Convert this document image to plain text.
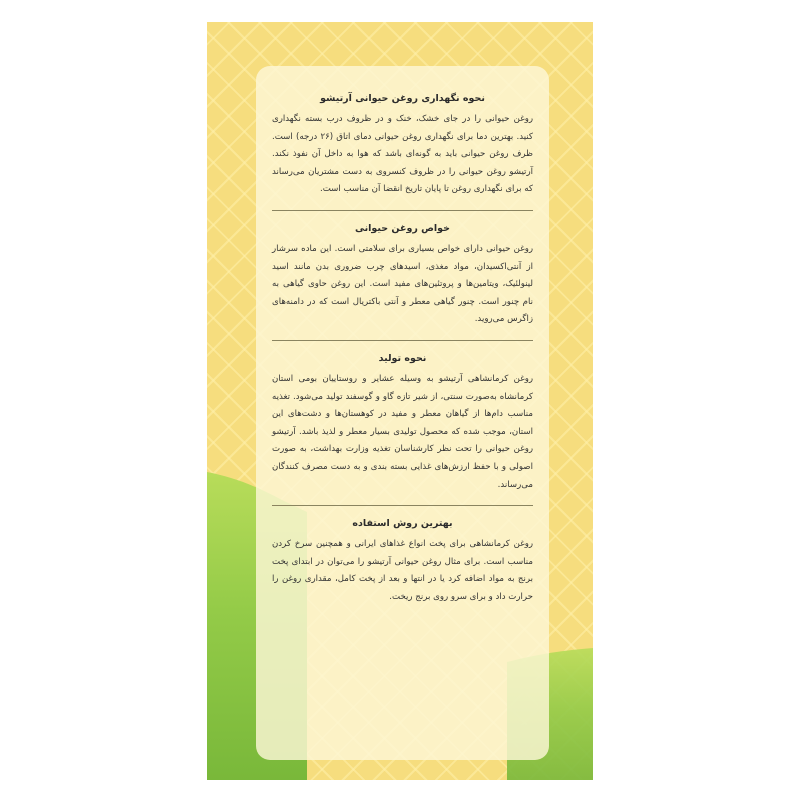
نحوه نگهداری روغن حیوانی آرتیشو

روغن حیوانی را در جای خشک، خنک و در ظروف درب بسته نگهداری کنید. بهترین دما برای نگهداری روغن حیوانی دمای اتاق (۲۶ درجه) است. ظرف روغن حیوانی باید به گونه‌ای باشد که هوا به داخل آن نفوذ نکند. آرتیشو روغن حیوانی را در ظروف کنسروی به دست مشتریان می‌رساند که برای نگهداری روغن تا پایان تاریخ انقضا آن مناسب است.

خواص روغن حیوانی

روغن حیوانی دارای خواص بسیاری برای سلامتی است. این ماده سرشار از آنتی‌اکسیدان، مواد مغذی، اسیدهای چرب ضروری بدن مانند اسید لینولئیک، ویتامین‌ها و پروتئین‌های مفید است. این روغن حاوی گیاهی به نام چنور است. چنور گیاهی معطر و آنتی باکتریال است که در دامنه‌های زاگرس می‌روید.

نحوه تولید

روغن کرمانشاهی آرتیشو به وسیله عشایر و روستاییان بومی استان کرمانشاه به‌صورت سنتی، از شیر تازه گاو و گوسفند تولید می‌شود. تغذیه مناسب دام‌ها از گیاهان معطر و مفید در کوهستان‌ها و دشت‌های این استان، موجب شده که محصول تولیدی بسیار معطر و لذیذ باشد. آرتیشو روغن حیوانی را تحت نظر کارشناسان تغذیه وزارت بهداشت، به صورت اصولی و با حفظ ارزش‌های غذایی بسته بندی و به دست مصرف کنندگان می‌رساند.

بهترین روش استفاده

روغن کرمانشاهی برای پخت انواع غذاهای ایرانی و همچنین سرخ کردن مناسب است. برای مثال روغن حیوانی آرتیشو را می‌توان در ابتدای پخت برنج به مواد اضافه کرد یا در انتها و بعد از پخت کامل، مقداری روغن را حرارت داد و برای سرو روی برنج ریخت.
